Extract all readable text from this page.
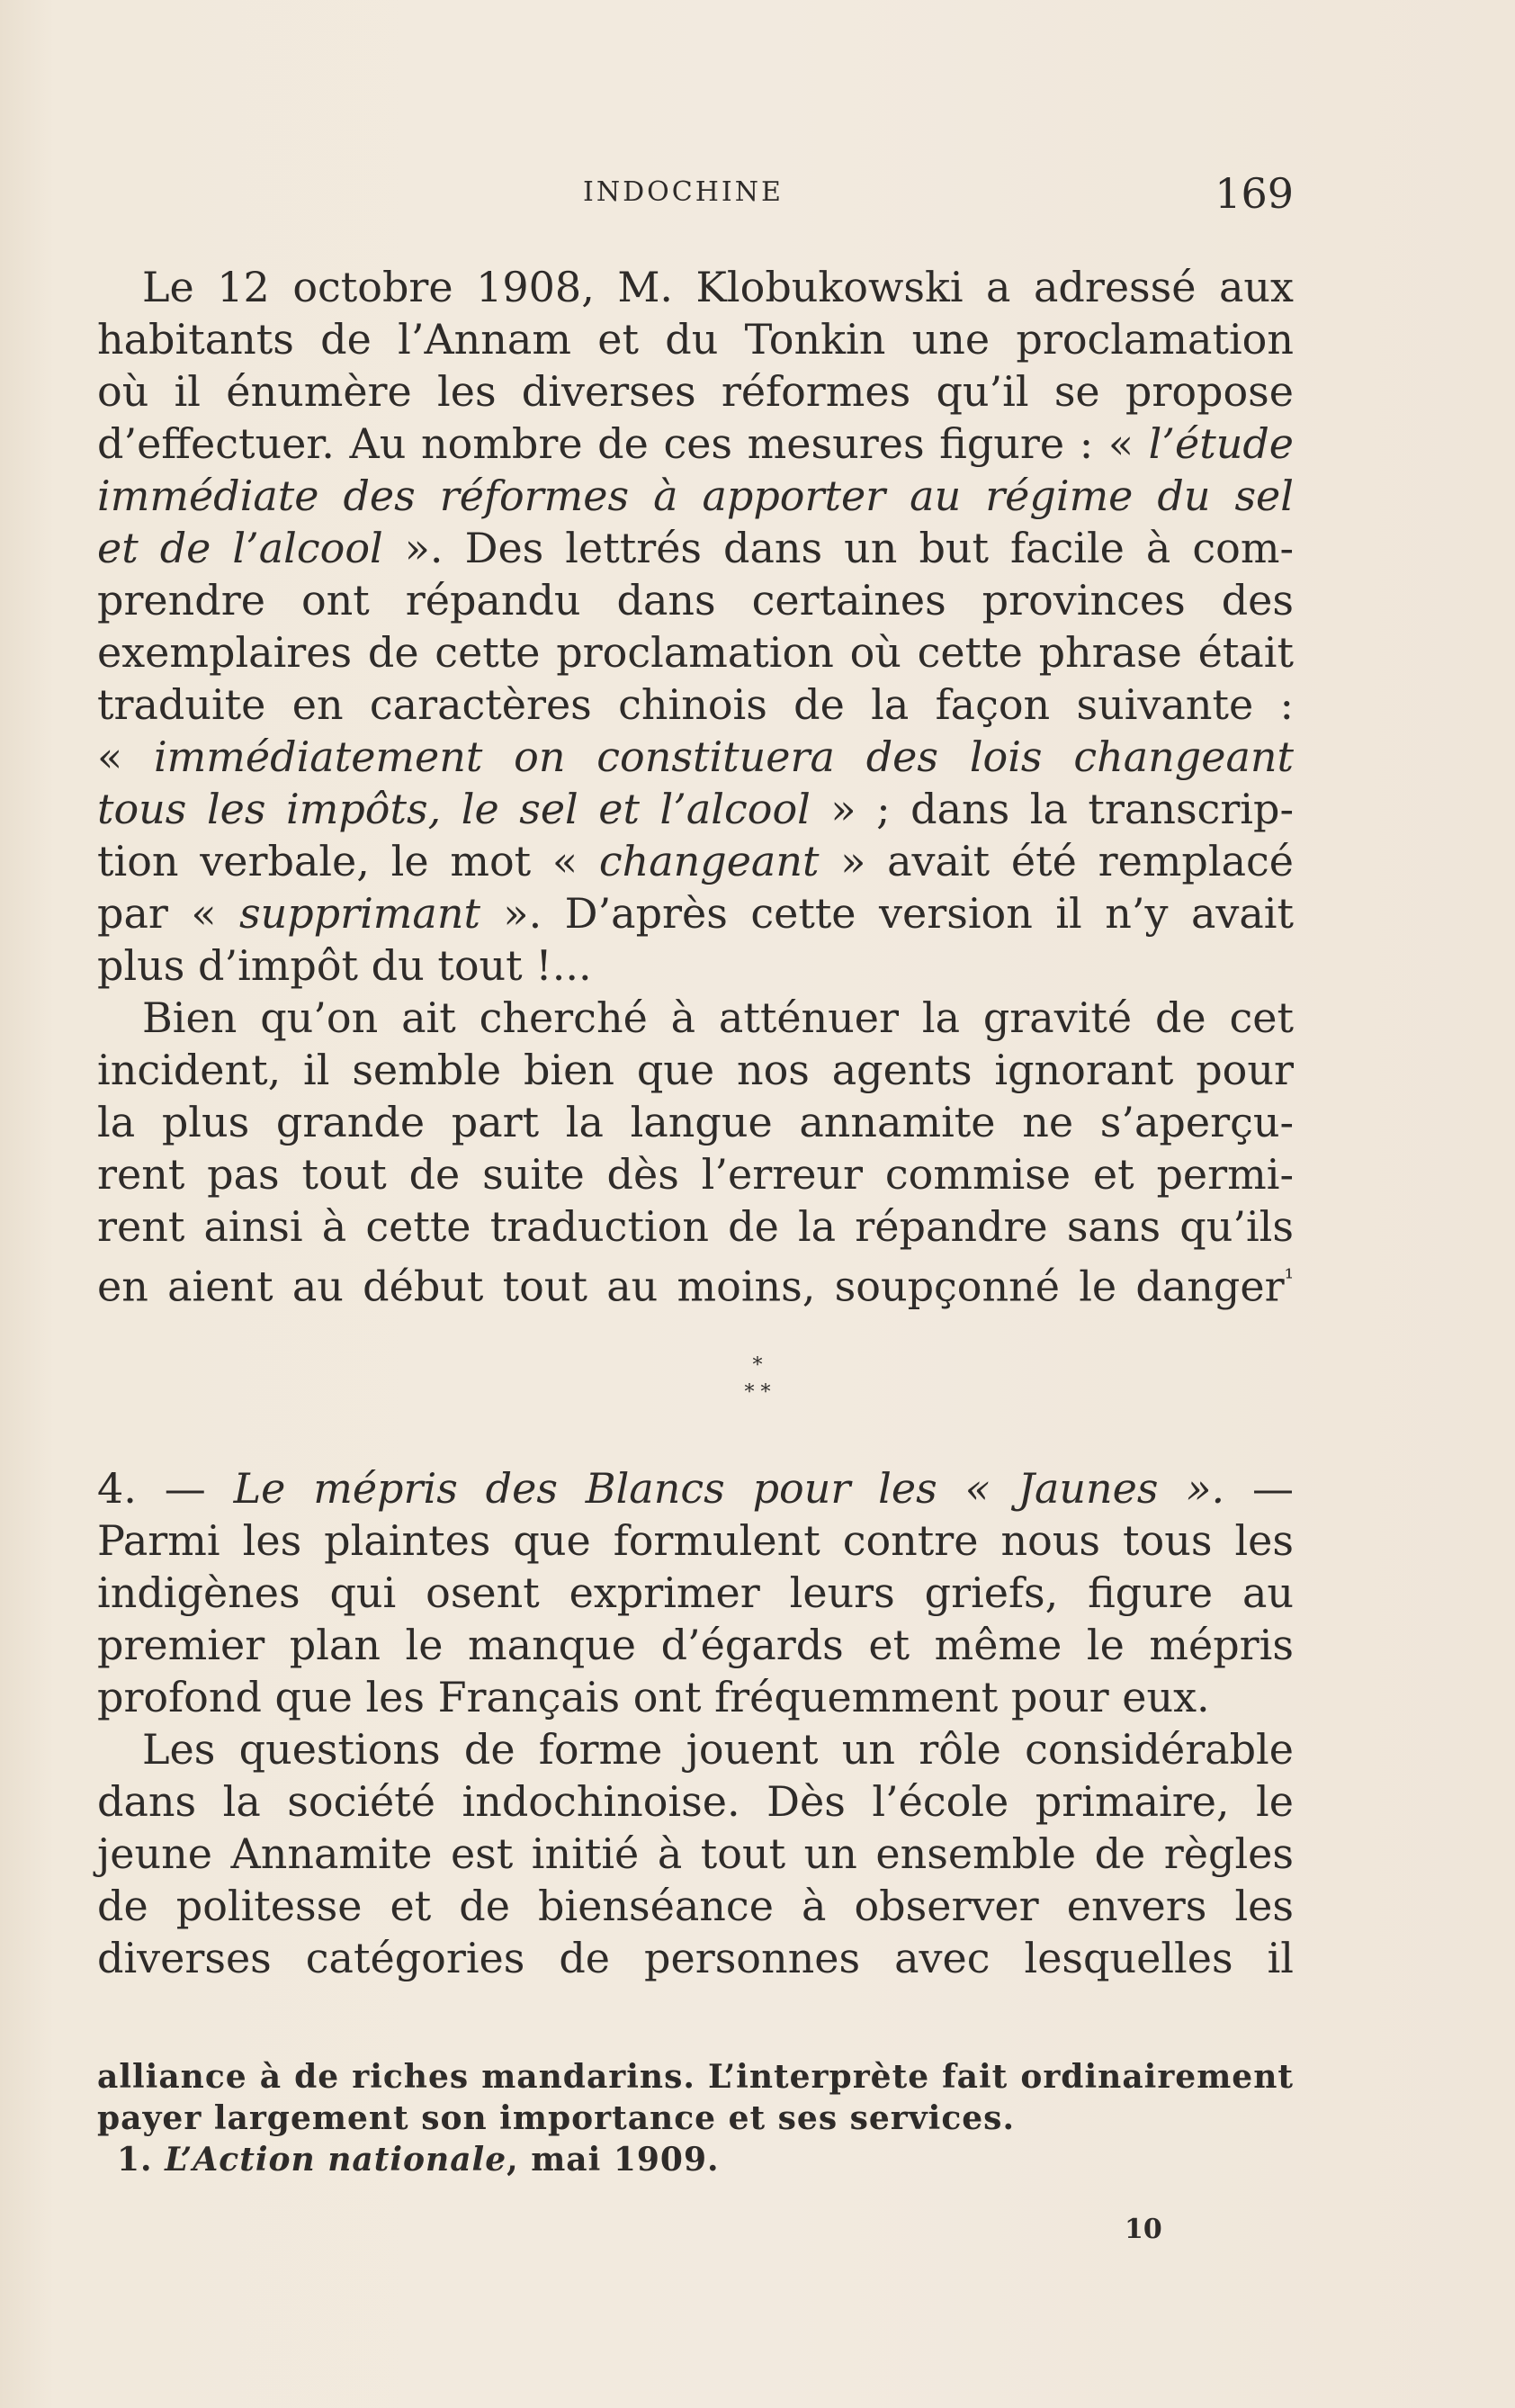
INDOCHINE	169
Le 12 octobre 1908, M. Klobukowski a adressé aux
habitants de l’Annam et du Tonkin une proclamation
où il énumère les diverses réformes qu’il se propose
d’effectuer. Au nombre de ces mesures figure : « l’étude
immédiate des réformes à apporter au régime du sel
et de l’alcool ». Des lettrés dans un but facile à com-
prendre ont répandu dans certaines provinces des
exemplaires de cette proclamation où cette phrase était
traduite en caractères chinois de la façon suivante :
« immédiatement on constituera des lois changeant
tous les impôts, le sel et l’alcool » ; dans la transcrip-
tion verbale, le mot « changeant » avait été remplacé
par « supprimant ». D’après cette version il n’y avait
plus d’impôt du tout !...
Bien qu’on ait cherché à atténuer la gravité de cet
incident, il semble bien que nos agents ignorant pour
la plus grande part la langue annamite ne s’aperçu-
rent pas tout de suite dès l’erreur commise et permi-
rent ainsi à cette traduction de la répandre sans qu’ils
en aient au début tout au moins, soupçonné le danger$^{^1}$
*
* *
4. — Le mépris des Blancs pour les « Jaunes ». —
Parmi les plaintes que formulent contre nous tous les
indigènes qui osent exprimer leurs griefs, figure au
premier plan le manque d’égards et même le mépris
profond que les Français ont fréquemment pour eux.
Les questions de forme jouent un rôle considérable
dans la société indochinoise. Dès l’école primaire, le
jeune Annamite est initié à tout un ensemble de règles
de politesse et de bienséance à observer envers les
diverses catégories de personnes avec lesquelles il
alliance à de riches mandarins. L’interprète fait ordinairement
payer largement son importance et ses services.
1. L’Action nationale, mai 1909.
10
